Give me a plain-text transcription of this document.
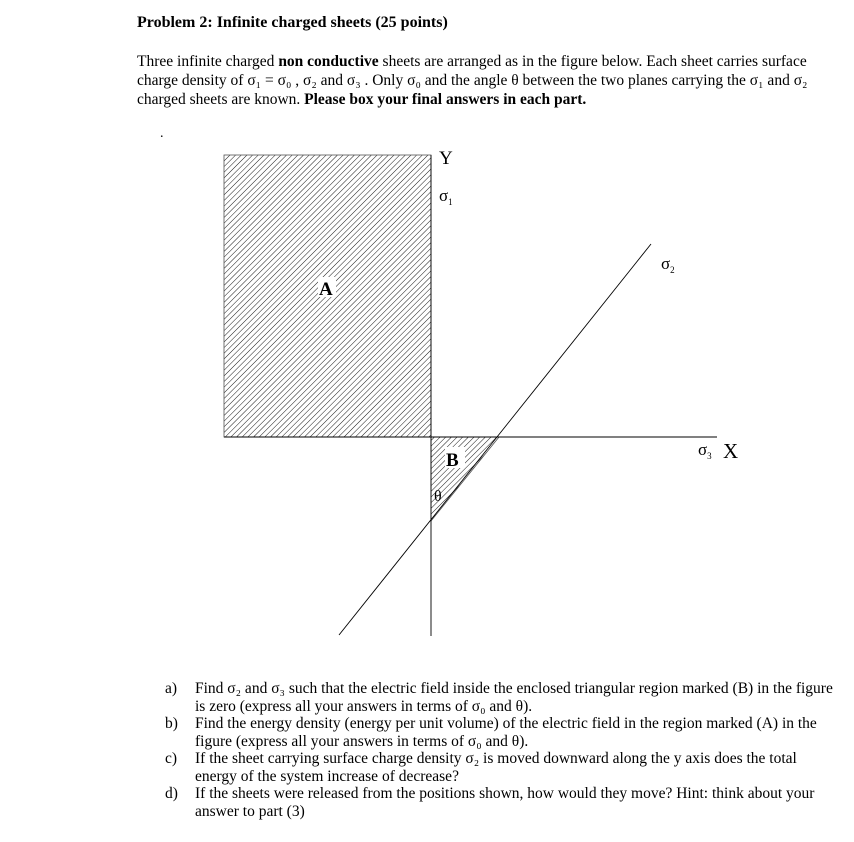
Problem 2: Infinite charged sheets (25 points)

Three infinite charged non conductive sheets are arranged as in the figure below. Each sheet carries surface charge density of σ₁ = σ₀ , σ₂ and σ₃ . Only σ₀ and the angle θ between the two planes carrying the σ₁ and σ₂ charged sheets are known. Please box your final answers in each part.

.
Y
$\sigma_1$
$\sigma_2$
$\sigma_3$ X
A
B
θ
a) Find σ₂ and σ₃ such that the electric field inside the enclosed triangular region marked (B) in the figure is zero (express all your answers in terms of σ₀ and θ).
b) Find the energy density (energy per unit volume) of the electric field in the region marked (A) in the figure (express all your answers in terms of σ₀ and θ).
c) If the sheet carrying surface charge density σ₂ is moved downward along the y axis does the total energy of the system increase of decrease?
d) If the sheets were released from the positions shown, how would they move? Hint: think about your answer to part (3)
